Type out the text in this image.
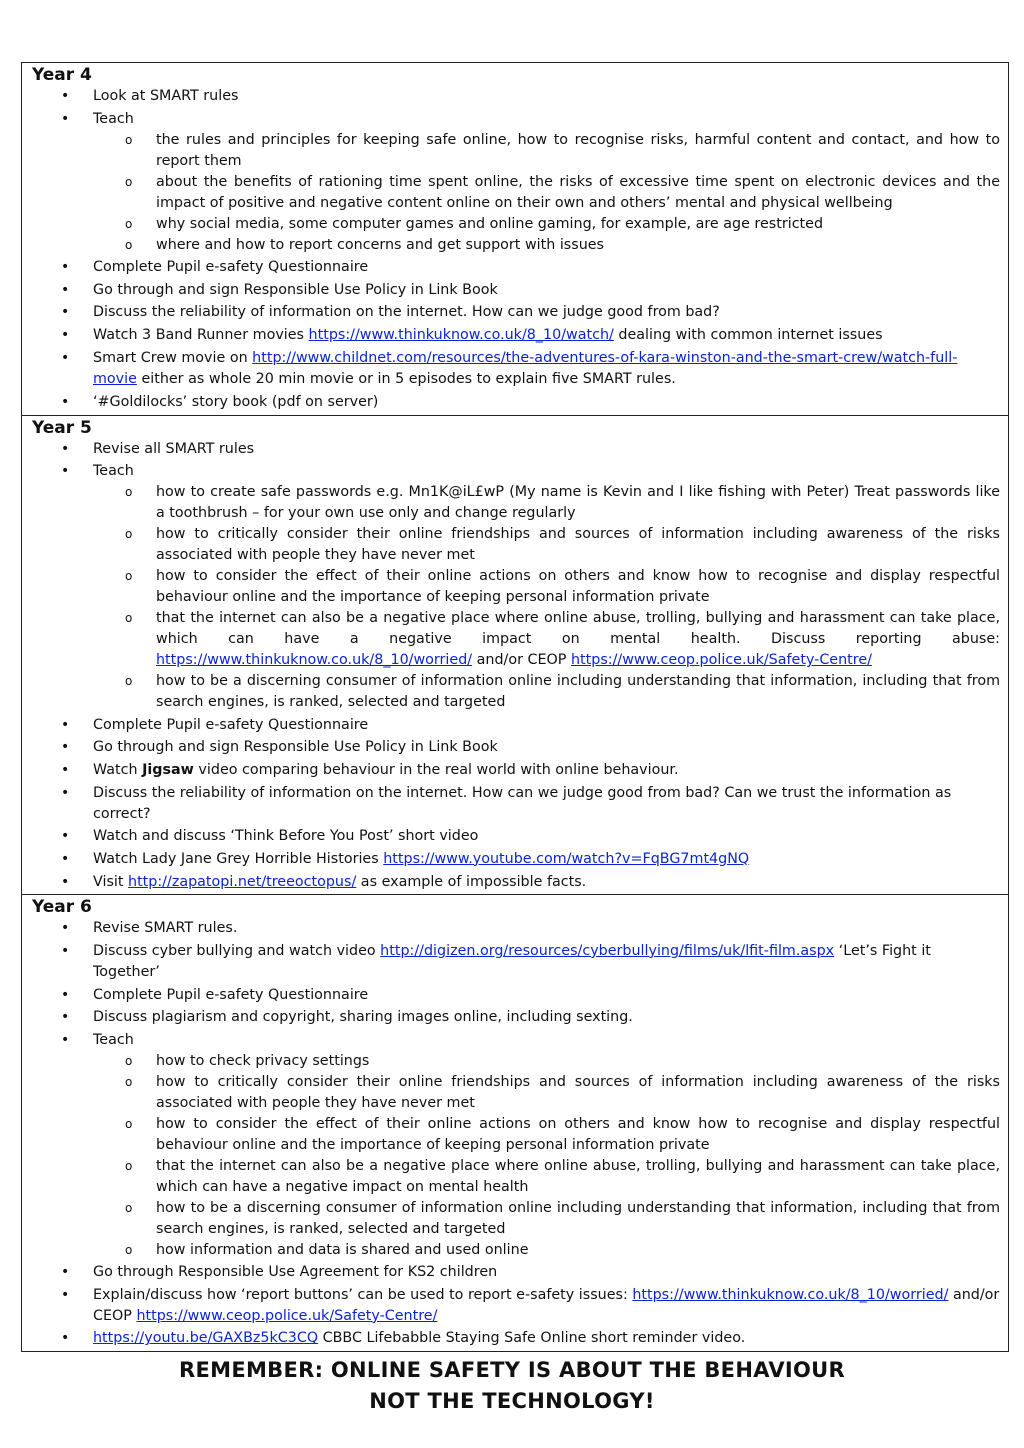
Year 4
• Look at SMART rules
• Teach
o the rules and principles for keeping safe online, how to recognise risks, harmful content and contact, and how to report them
o about the benefits of rationing time spent online, the risks of excessive time spent on electronic devices and the impact of positive and negative content online on their own and others’ mental and physical wellbeing
o why social media, some computer games and online gaming, for example, are age restricted
o where and how to report concerns and get support with issues
• Complete Pupil e-safety Questionnaire
• Go through and sign Responsible Use Policy in Link Book
• Discuss the reliability of information on the internet. How can we judge good from bad?
• Watch 3 Band Runner movies https://www.thinkuknow.co.uk/8_10/watch/ dealing with common internet issues
• Smart Crew movie on http://www.childnet.com/resources/the-adventures-of-kara-winston-and-the-smart-crew/watch-full-movie either as whole 20 min movie or in 5 episodes to explain five SMART rules.
• ‘#Goldilocks’ story book (pdf on server)
Year 5
• Revise all SMART rules
• Teach
o how to create safe passwords e.g. Mn1K@iL£wP (My name is Kevin and I like fishing with Peter) Treat passwords like a toothbrush – for your own use only and change regularly
o how to critically consider their online friendships and sources of information including awareness of the risks associated with people they have never met
o how to consider the effect of their online actions on others and know how to recognise and display respectful behaviour online and the importance of keeping personal information private
o that the internet can also be a negative place where online abuse, trolling, bullying and harassment can take place, which can have a negative impact on mental health. Discuss reporting abuse: https://www.thinkuknow.co.uk/8_10/worried/ and/or CEOP https://www.ceop.police.uk/Safety-Centre/
o how to be a discerning consumer of information online including understanding that information, including that from search engines, is ranked, selected and targeted
• Complete Pupil e-safety Questionnaire
• Go through and sign Responsible Use Policy in Link Book
• Watch Jigsaw video comparing behaviour in the real world with online behaviour.
• Discuss the reliability of information on the internet. How can we judge good from bad? Can we trust the information as correct?
• Watch and discuss ‘Think Before You Post’ short video
• Watch Lady Jane Grey Horrible Histories https://www.youtube.com/watch?v=FqBG7mt4gNQ
• Visit http://zapatopi.net/treeoctopus/ as example of impossible facts.
Year 6
• Revise SMART rules.
• Discuss cyber bullying and watch video http://digizen.org/resources/cyberbullying/films/uk/lfit-film.aspx ‘Let’s Fight it Together’
• Complete Pupil e-safety Questionnaire
• Discuss plagiarism and copyright, sharing images online, including sexting.
• Teach
o how to check privacy settings
o how to critically consider their online friendships and sources of information including awareness of the risks associated with people they have never met
o how to consider the effect of their online actions on others and know how to recognise and display respectful behaviour online and the importance of keeping personal information private
o that the internet can also be a negative place where online abuse, trolling, bullying and harassment can take place, which can have a negative impact on mental health
o how to be a discerning consumer of information online including understanding that information, including that from search engines, is ranked, selected and targeted
o how information and data is shared and used online
• Go through Responsible Use Agreement for KS2 children
• Explain/discuss how ‘report buttons’ can be used to report e-safety issues: https://www.thinkuknow.co.uk/8_10/worried/ and/or CEOP https://www.ceop.police.uk/Safety-Centre/
• https://youtu.be/GAXBz5kC3CQ CBBC Lifebabble Staying Safe Online short reminder video.
REMEMBER: ONLINE SAFETY IS ABOUT THE BEHAVIOUR
NOT THE TECHNOLOGY!
